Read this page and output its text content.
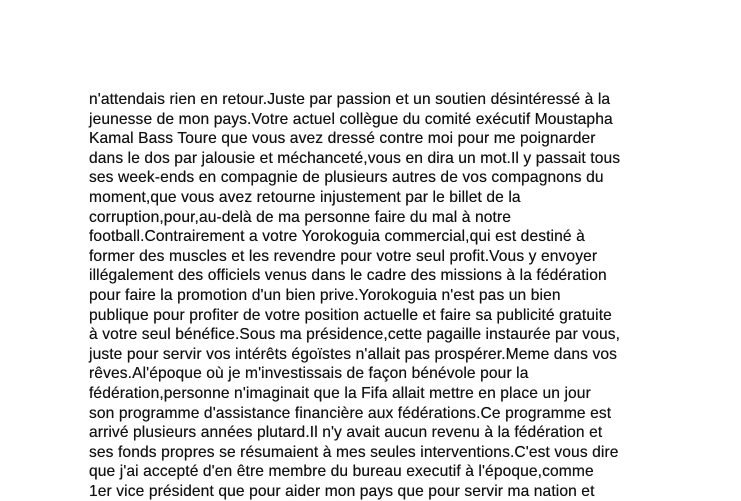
n'attendais rien en retour.Juste par passion et un soutien désintéressé à la
jeunesse de mon pays.Votre actuel collègue du comité exécutif Moustapha
Kamal Bass Toure que vous avez dressé contre moi pour me poignarder
dans le dos par jalousie et méchanceté,vous en dira un mot.Il y passait tous
ses week-ends en compagnie de plusieurs autres de vos compagnons du
moment,que vous avez retourne injustement par le billet de la
corruption,pour,au-delà de ma personne faire du mal à notre
football.Contrairement a votre Yorokoguia commercial,qui est destiné à
former des muscles et les revendre pour votre seul profit.Vous y envoyer
illégalement des officiels venus dans le cadre des missions à la fédération
pour faire la promotion d'un bien prive.Yorokoguia n'est pas un bien
publique pour profiter de votre position actuelle et faire sa publicité gratuite
à votre seul bénéfice.Sous ma présidence,cette pagaille instaurée par vous,
juste pour servir vos intérêts égoïstes n'allait pas prospérer.Meme dans vos
rêves.Al'époque où je m'investissais de façon bénévole pour la
fédération,personne n'imaginait que la Fifa allait mettre en place un jour
son programme d'assistance financière aux fédérations.Ce programme est
arrivé plusieurs années plutard.Il n'y avait aucun revenu à la fédération et
ses fonds propres se résumaient à mes seules interventions.C'est vous dire
que j'ai accepté d'en être membre du bureau executif à l'époque,comme
1er vice président que pour aider mon pays que pour servir ma nation et
